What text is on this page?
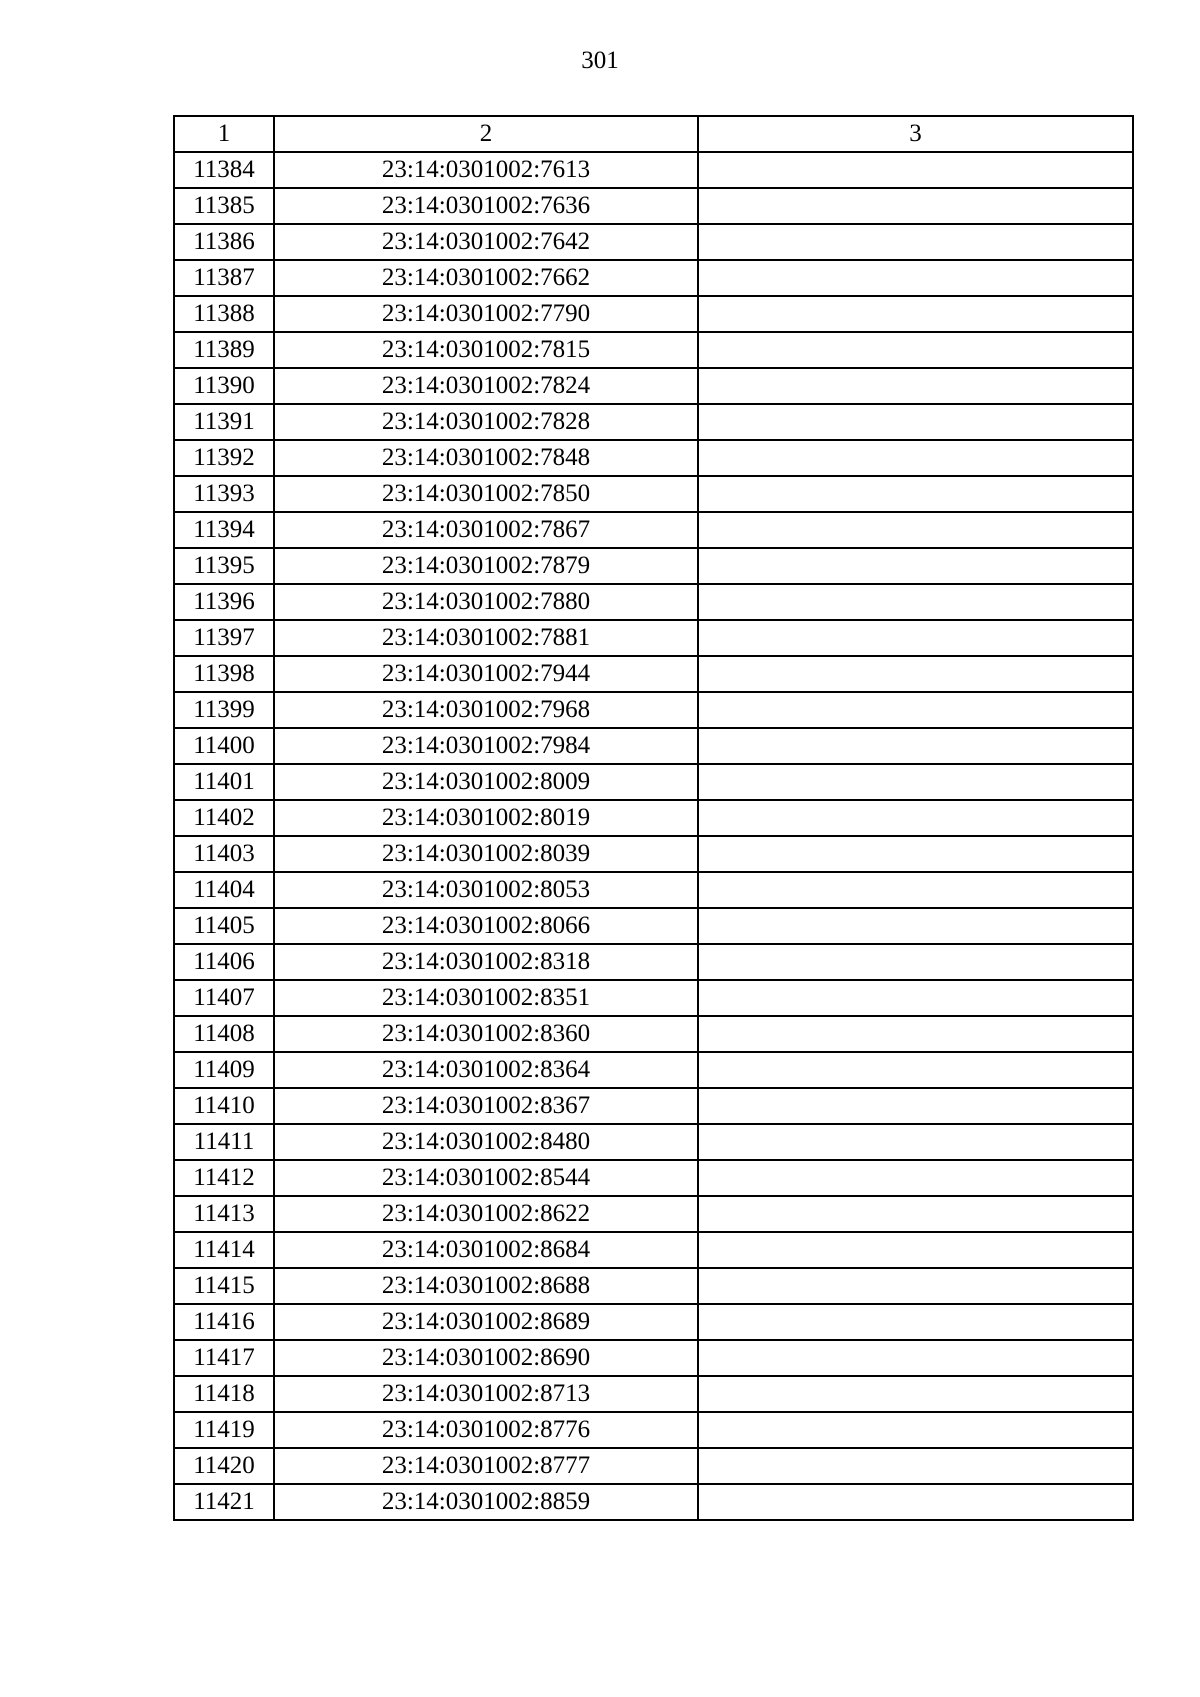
301
1	2	3
11384	23:14:0301002:7613	
11385	23:14:0301002:7636	
11386	23:14:0301002:7642	
11387	23:14:0301002:7662	
11388	23:14:0301002:7790	
11389	23:14:0301002:7815	
11390	23:14:0301002:7824	
11391	23:14:0301002:7828	
11392	23:14:0301002:7848	
11393	23:14:0301002:7850	
11394	23:14:0301002:7867	
11395	23:14:0301002:7879	
11396	23:14:0301002:7880	
11397	23:14:0301002:7881	
11398	23:14:0301002:7944	
11399	23:14:0301002:7968	
11400	23:14:0301002:7984	
11401	23:14:0301002:8009	
11402	23:14:0301002:8019	
11403	23:14:0301002:8039	
11404	23:14:0301002:8053	
11405	23:14:0301002:8066	
11406	23:14:0301002:8318	
11407	23:14:0301002:8351	
11408	23:14:0301002:8360	
11409	23:14:0301002:8364	
11410	23:14:0301002:8367	
11411	23:14:0301002:8480	
11412	23:14:0301002:8544	
11413	23:14:0301002:8622	
11414	23:14:0301002:8684	
11415	23:14:0301002:8688	
11416	23:14:0301002:8689	
11417	23:14:0301002:8690	
11418	23:14:0301002:8713	
11419	23:14:0301002:8776	
11420	23:14:0301002:8777	
11421	23:14:0301002:8859	
